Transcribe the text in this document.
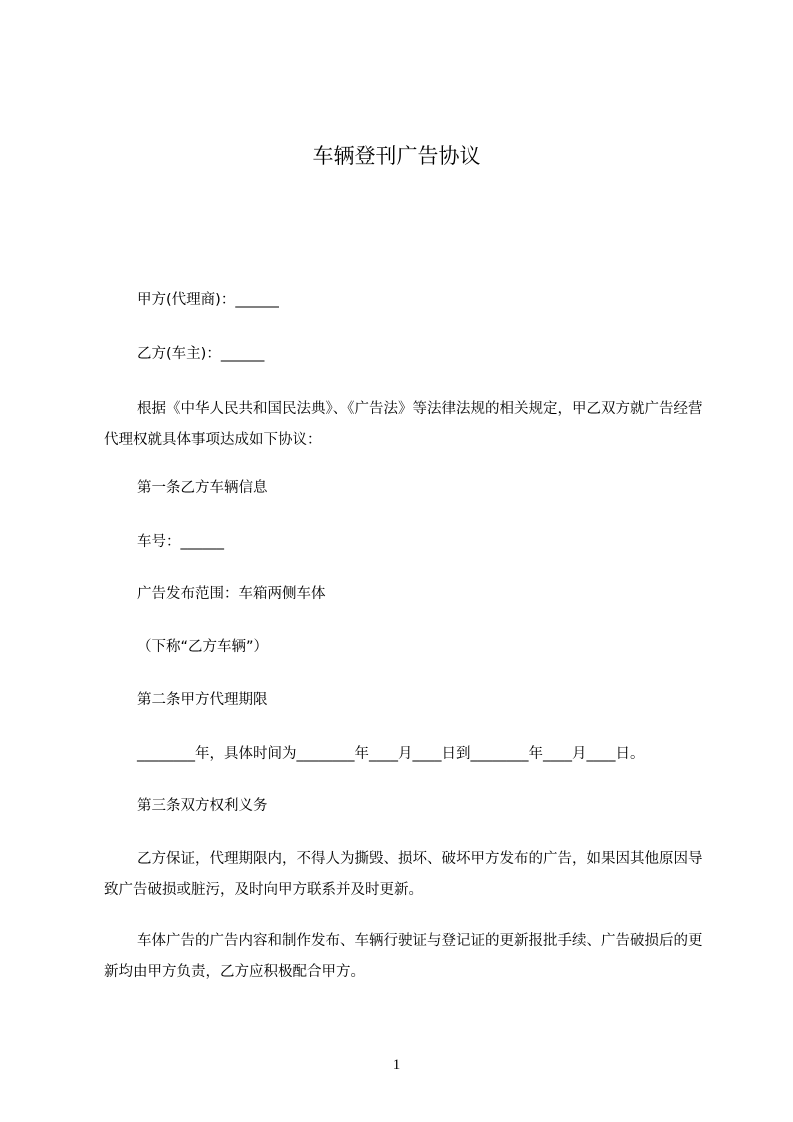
车辆登刊广告协议
甲方(代理商)：______
乙方(车主)：______
根据《中华人民共和国民法典》、《广告法》等法律法规的相关规定，甲乙双方就广告经营代理权就具体事项达成如下协议：
第一条乙方车辆信息
车号：______
广告发布范围：车箱两侧车体
（下称“乙方车辆”）
第二条甲方代理期限
________年，具体时间为________年____月____日到________年____月____日。
第三条双方权利义务
乙方保证，代理期限内，不得人为撕毁、损坏、破坏甲方发布的广告，如果因其他原因导致广告破损或脏污，及时向甲方联系并及时更新。
车体广告的广告内容和制作发布、车辆行驶证与登记证的更新报批手续、广告破损后的更新均由甲方负责，乙方应积极配合甲方。
1
